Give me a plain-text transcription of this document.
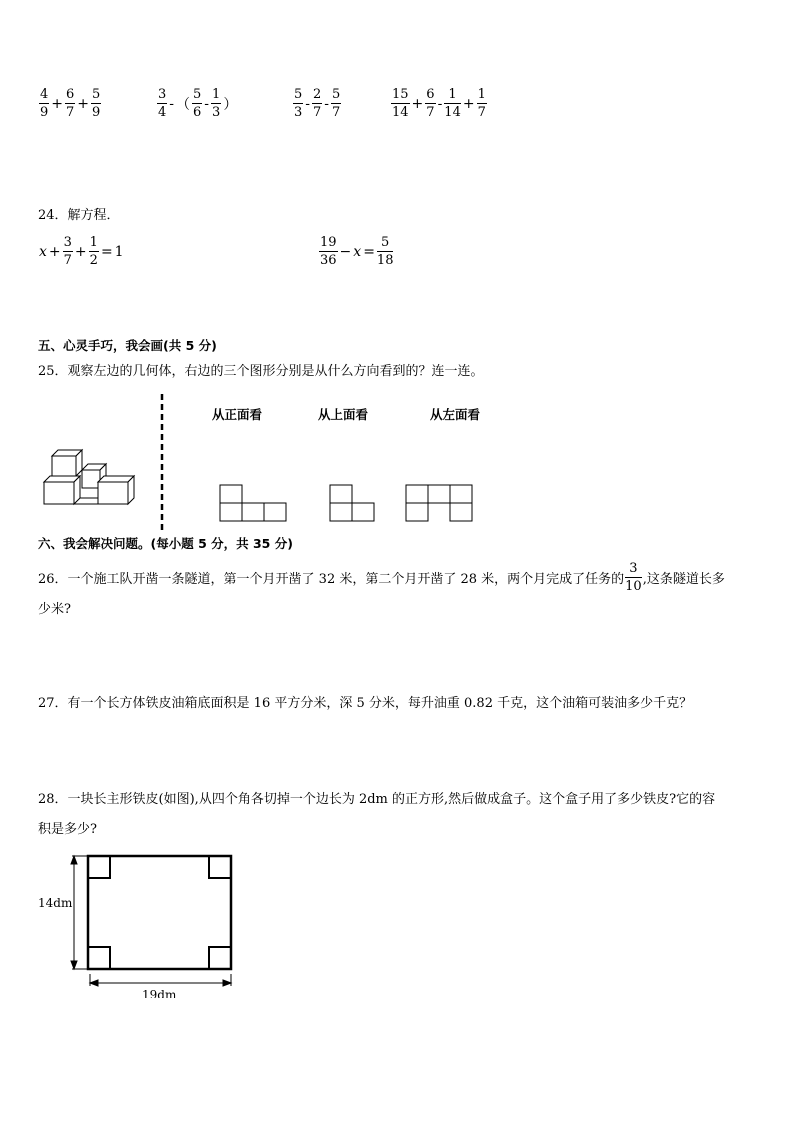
$\frac{4}{9} + \frac{6}{7} + \frac{5}{9}$	$\frac{3}{4}$ - （ $\frac{5}{6} - \frac{1}{3}$ ）	$\frac{5}{3} - \frac{2}{7} - \frac{5}{7}$	$\frac{15}{14} + \frac{6}{7} - \frac{1}{14} + \frac{1}{7}$
24．解方程．
$x + \frac{3}{7} + \frac{1}{2} = 1$	$\frac{19}{36} - x = \frac{5}{18}$
五、心灵手巧，我会画(共 5 分)
25．观察左边的几何体，右边的三个图形分别是从什么方向看到的？连一连。
从正面看	从上面看	从左面看
六、我会解决问题。(每小题 5 分，共 35 分)
26．一个施工队开凿一条隧道，第一个月开凿了 32 米，第二个月开凿了 28 米，两个月完成了任务的 $\frac{3}{10}$ ,这条隧道长多
少米?
27．有一个长方体铁皮油箱底面积是 16 平方分米，深 5 分米，每升油重 0.82 千克，这个油箱可装油多少千克？
28．一块长主形铁皮(如图),从四个角各切掉一个边长为 2dm 的正方形,然后做成盒子。这个盒子用了多少铁皮?它的容
积是多少?
14dm
19dm
